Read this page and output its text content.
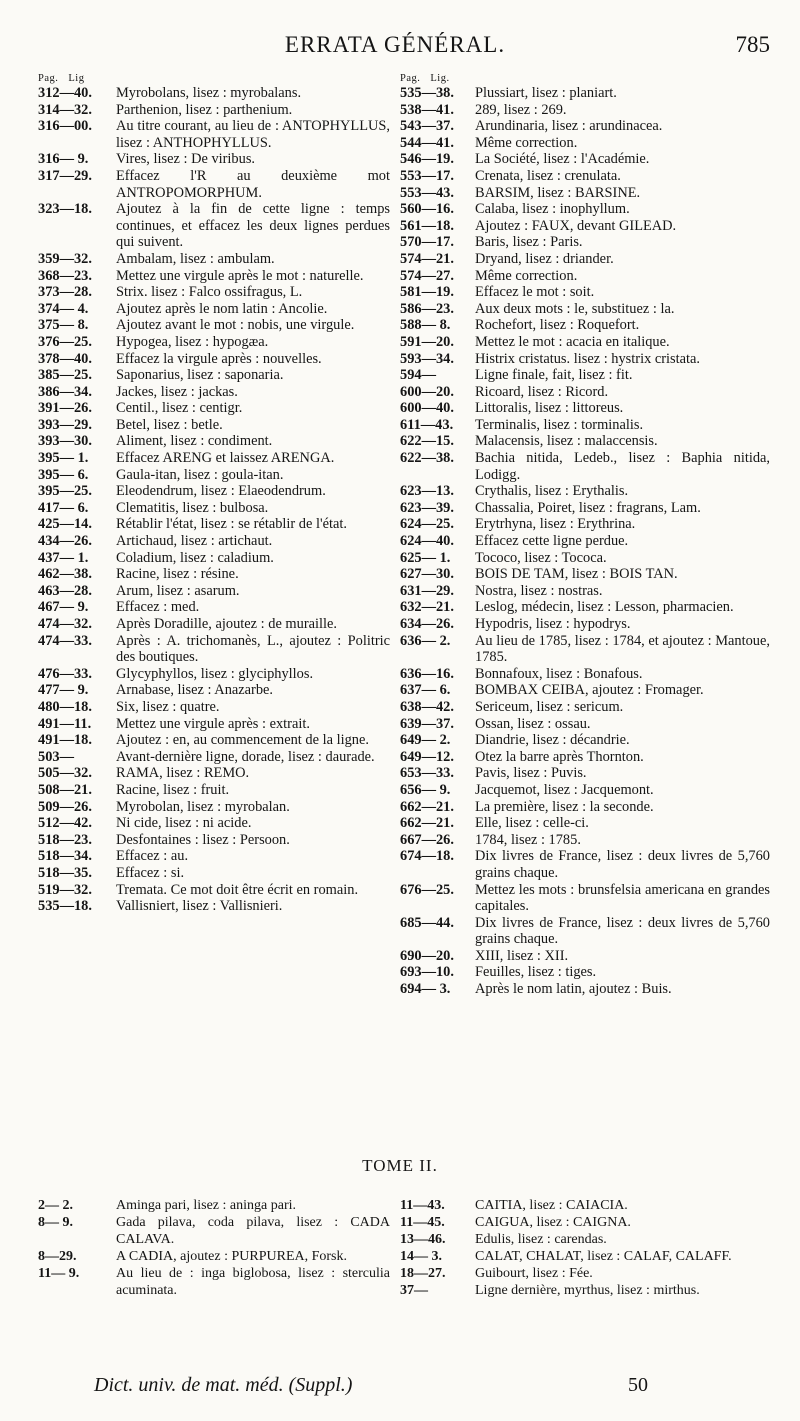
ERRATA GÉNÉRAL.	785
Pag. Lig
312—40.	Myrobolans, lisez : myrobalans.
314—32.	Parthenion, lisez : parthenium.
316—00.	Au titre courant, au lieu de : ANTOPHYLLUS, lisez : ANTHOPHYLLUS.
316— 9.	Vires, lisez : De viribus.
317—29.	Effacez l'R au deuxième mot ANTROPOMORPHUM.
323—18.	Ajoutez à la fin de cette ligne : temps continues, et effacez les deux lignes perdues qui suivent.
359—32.	Ambalam, lisez : ambulam.
368—23.	Mettez une virgule après le mot : naturelle.
373—28.	Strix. lisez : Falco ossifragus, L.
374— 4.	Ajoutez après le nom latin : Ancolie.
375— 8.	Ajoutez avant le mot : nobis, une virgule.
376—25.	Hypogea, lisez : hypogæa.
378—40.	Effacez la virgule après : nouvelles.
385—25.	Saponarius, lisez : saponaria.
386—34.	Jackes, lisez : jackas.
391—26.	Centil., lisez : centigr.
393—29.	Betel, lisez : betle.
393—30.	Aliment, lisez : condiment.
395— 1.	Effacez ARENG et laissez ARENGA.
395— 6.	Gaula-itan, lisez : goula-itan.
395—25.	Eleodendrum, lisez : Elaeodendrum.
417— 6.	Clematitis, lisez : bulbosa.
425—14.	Rétablir l'état, lisez : se rétablir de l'état.
434—26.	Artichaud, lisez : artichaut.
437— 1.	Coladium, lisez : caladium.
462—38.	Racine, lisez : résine.
463—28.	Arum, lisez : asarum.
467— 9.	Effacez : med.
474—32.	Après Doradille, ajoutez : de muraille.
474—33.	Après : A. trichomanès, L., ajoutez : Politric des boutiques.
476—33.	Glycyphyllos, lisez : glyciphyllos.
477— 9.	Arnabase, lisez : Anazarbe.
480—18.	Six, lisez : quatre.
491—11.	Mettez une virgule après : extrait.
491—18.	Ajoutez : en, au commencement de la ligne.
503—	Avant-dernière ligne, dorade, lisez : daurade.
505—32.	RAMA, lisez : REMO.
508—21.	Racine, lisez : fruit.
509—26.	Myrobolan, lisez : myrobalan.
512—42.	Ni cide, lisez : ni acide.
518—23.	Desfontaines : lisez : Persoon.
518—34.	Effacez : au.
518—35.	Effacez : si.
519—32.	Tremata. Ce mot doit être écrit en romain.
535—18.	Vallisniert, lisez : Vallisnieri.
Pag. Lig.
535—38.	Plussiart, lisez : planiart.
538—41.	289, lisez : 269.
543—37.	Arundinaria, lisez : arundinacea.
544—41.	Même correction.
546—19.	La Société, lisez : l'Académie.
553—17.	Crenata, lisez : crenulata.
553—43.	BARSIM, lisez : BARSINE.
560—16.	Calaba, lisez : inophyllum.
561—18.	Ajoutez : FAUX, devant GILEAD.
570—17.	Baris, lisez : Paris.
574—21.	Dryand, lisez : driander.
574—27.	Même correction.
581—19.	Effacez le mot : soit.
586—23.	Aux deux mots : le, substituez : la.
588— 8.	Rochefort, lisez : Roquefort.
591—20.	Mettez le mot : acacia en italique.
593—34.	Histrix cristatus. lisez : hystrix cristata.
594—	Ligne finale, fait, lisez : fit.
600—20.	Ricoard, lisez : Ricord.
600—40.	Littoralis, lisez : littoreus.
611—43.	Terminalis, lisez : torminalis.
622—15.	Malacensis, lisez : malaccensis.
622—38.	Bachia nitida, Ledeb., lisez : Baphia nitida, Lodigg.
623—13.	Crythalis, lisez : Erythalis.
623—39.	Chassalia, Poiret, lisez : fragrans, Lam.
624—25.	Erytrhyna, lisez : Erythrina.
624—40.	Effacez cette ligne perdue.
625— 1.	Tococo, lisez : Tococa.
627—30.	BOIS DE TAM, lisez : BOIS TAN.
631—29.	Nostra, lisez : nostras.
632—21.	Leslog, médecin, lisez : Lesson, pharmacien.
634—26.	Hypodris, lisez : hypodrys.
636— 2.	Au lieu de 1785, lisez : 1784, et ajoutez : Mantoue, 1785.
636—16.	Bonnafoux, lisez : Bonafous.
637— 6.	BOMBAX CEIBA, ajoutez : Fromager.
638—42.	Sericeum, lisez : sericum.
639—37.	Ossan, lisez : ossau.
649— 2.	Diandrie, lisez : décandrie.
649—12.	Otez la barre après Thornton.
653—33.	Pavis, lisez : Puvis.
656— 9.	Jacquemot, lisez : Jacquemont.
662—21.	La première, lisez : la seconde.
662—21.	Elle, lisez : celle-ci.
667—26.	1784, lisez : 1785.
674—18.	Dix livres de France, lisez : deux livres de 5,760 grains chaque.
676—25.	Mettez les mots : brunsfelsia americana en grandes capitales.
685—44.	Dix livres de France, lisez : deux livres de 5,760 grains chaque.
690—20.	XIII, lisez : XII.
693—10.	Feuilles, lisez : tiges.
694— 3.	Après le nom latin, ajoutez : Buis.
TOME II.
2— 2.	Aminga pari, lisez : aninga pari.
8— 9.	Gada pilava, coda pilava, lisez : CADA CALAVA.
8—29.	A CADIA, ajoutez : PURPUREA, Forsk.
11— 9.	Au lieu de : inga biglobosa, lisez : sterculia acuminata.
11—43.	CAITIA, lisez : CAIACIA.
11—45.	CAIGUA, lisez : CAIGNA.
13—46.	Edulis, lisez : carendas.
14— 3.	CALAT, CHALAT, lisez : CALAF, CALAFF.
18—27.	Guibourt, lisez : Fée.
37—	Ligne dernière, myrthus, lisez : mirthus.
Dict. univ. de mat. méd. (Suppl.)	50
